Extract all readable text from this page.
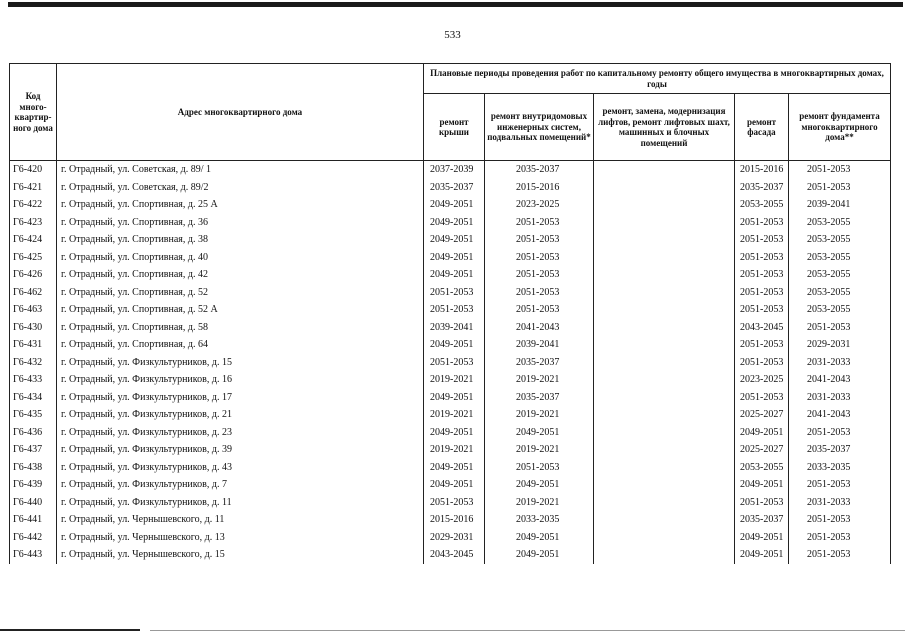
533
Код много-квартир-ного дома	Адрес многоквартирного дома	Плановые периоды проведения работ по капитальному ремонту общего имущества в многоквартирных домах, годы				
		ремонт крыши	ремонт внутридомовых инженерных систем, подвальных помещений*	ремонт, замена, модернизация лифтов, ремонт лифтовых шахт, машинных и блочных помещений	ремонт фасада	ремонт фундамента многоквартирного дома**
Г6-420	г. Отрадный, ул. Советская, д. 89/ 1	2037-2039	2035-2037		2015-2016	2051-2053
Г6-421	г. Отрадный, ул. Советская, д. 89/2	2035-2037	2015-2016		2035-2037	2051-2053
Г6-422	г. Отрадный, ул. Спортивная, д. 25 А	2049-2051	2023-2025		2053-2055	2039-2041
Г6-423	г. Отрадный, ул. Спортивная, д. 36	2049-2051	2051-2053		2051-2053	2053-2055
Г6-424	г. Отрадный, ул. Спортивная, д. 38	2049-2051	2051-2053		2051-2053	2053-2055
Г6-425	г. Отрадный, ул. Спортивная, д. 40	2049-2051	2051-2053		2051-2053	2053-2055
Г6-426	г. Отрадный, ул. Спортивная, д. 42	2049-2051	2051-2053		2051-2053	2053-2055
Г6-462	г. Отрадный, ул. Спортивная, д. 52	2051-2053	2051-2053		2051-2053	2053-2055
Г6-463	г. Отрадный, ул. Спортивная, д. 52 А	2051-2053	2051-2053		2051-2053	2053-2055
Г6-430	г. Отрадный, ул. Спортивная, д. 58	2039-2041	2041-2043		2043-2045	2051-2053
Г6-431	г. Отрадный, ул. Спортивная, д. 64	2049-2051	2039-2041		2051-2053	2029-2031
Г6-432	г. Отрадный, ул. Физкультурников, д. 15	2051-2053	2035-2037		2051-2053	2031-2033
Г6-433	г. Отрадный, ул. Физкультурников, д. 16	2019-2021	2019-2021		2023-2025	2041-2043
Г6-434	г. Отрадный, ул. Физкультурников, д. 17	2049-2051	2035-2037		2051-2053	2031-2033
Г6-435	г. Отрадный, ул. Физкультурников, д. 21	2019-2021	2019-2021		2025-2027	2041-2043
Г6-436	г. Отрадный, ул. Физкультурников, д. 23	2049-2051	2049-2051		2049-2051	2051-2053
Г6-437	г. Отрадный, ул. Физкультурников, д. 39	2019-2021	2019-2021		2025-2027	2035-2037
Г6-438	г. Отрадный, ул. Физкультурников, д. 43	2049-2051	2051-2053		2053-2055	2033-2035
Г6-439	г. Отрадный, ул. Физкультурников, д. 7	2049-2051	2049-2051		2049-2051	2051-2053
Г6-440	г. Отрадный, ул. Физкультурников, д. 11	2051-2053	2019-2021		2051-2053	2031-2033
Г6-441	г. Отрадный, ул. Чернышевского, д. 11	2015-2016	2033-2035		2035-2037	2051-2053
Г6-442	г. Отрадный, ул. Чернышевского, д. 13	2029-2031	2049-2051		2049-2051	2051-2053
Г6-443	г. Отрадный, ул. Чернышевского, д. 15	2043-2045	2049-2051		2049-2051	2051-2053
